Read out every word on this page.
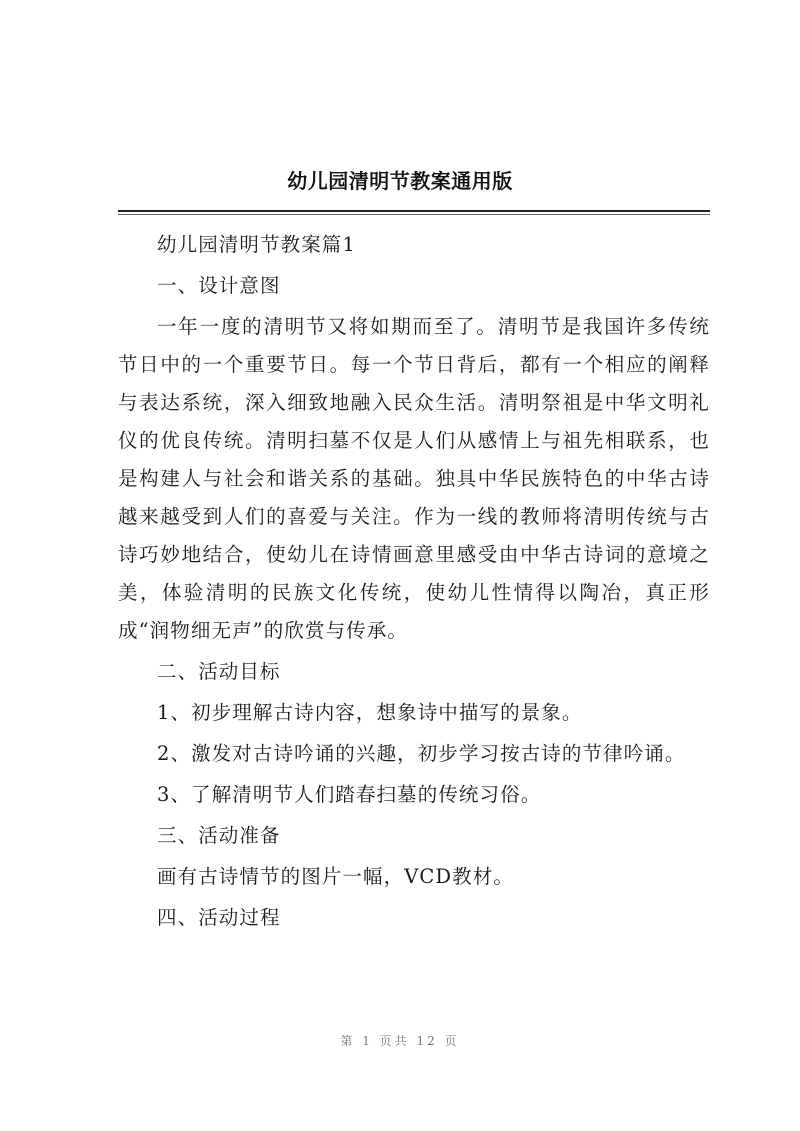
幼儿园清明节教案通用版

幼儿园清明节教案篇1

一、设计意图

一年一度的清明节又将如期而至了。清明节是我国许多传统节日中的一个重要节日。每一个节日背后，都有一个相应的阐释与表达系统，深入细致地融入民众生活。清明祭祖是中华文明礼仪的优良传统。清明扫墓不仅是人们从感情上与祖先相联系，也是构建人与社会和谐关系的基础。独具中华民族特色的中华古诗越来越受到人们的喜爱与关注。作为一线的教师将清明传统与古诗巧妙地结合，使幼儿在诗情画意里感受由中华古诗词的意境之美，体验清明的民族文化传统，使幼儿性情得以陶冶，真正形成“润物细无声”的欣赏与传承。

二、活动目标

1、初步理解古诗内容，想象诗中描写的景象。

2、激发对古诗吟诵的兴趣，初步学习按古诗的节律吟诵。

3、了解清明节人们踏春扫墓的传统习俗。

三、活动准备

画有古诗情节的图片一幅，VCD教材。

四、活动过程

第 1 页共 12 页
